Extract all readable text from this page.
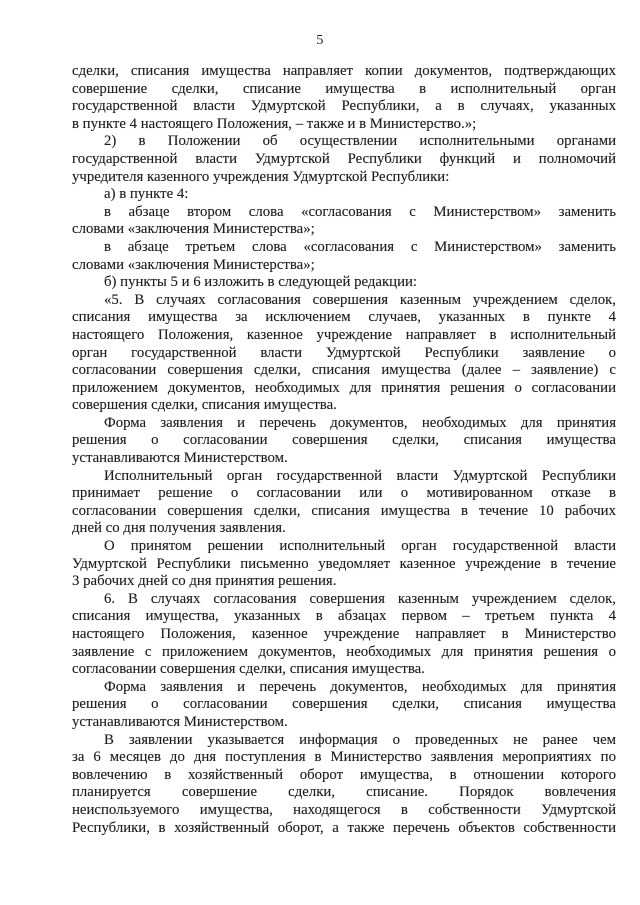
5
сделки, списания имущества направляет копии документов, подтверждающих
совершение сделки, списание имущества в исполнительный орган
государственной власти Удмуртской Республики, а в случаях, указанных
в пункте 4 настоящего Положения, – также и в Министерство.»;
2) в Положении об осуществлении исполнительными органами
государственной власти Удмуртской Республики функций и полномочий
учредителя казенного учреждения Удмуртской Республики:
а) в пункте 4:
в абзаце втором слова «согласования с Министерством» заменить
словами «заключения Министерства»;
в абзаце третьем слова «согласования с Министерством» заменить
словами «заключения Министерства»;
б) пункты 5 и 6 изложить в следующей редакции:
«5. В случаях согласования совершения казенным учреждением сделок,
списания имущества за исключением случаев, указанных в пункте 4
настоящего Положения, казенное учреждение направляет в исполнительный
орган государственной власти Удмуртской Республики заявление о
согласовании совершения сделки, списания имущества (далее – заявление) с
приложением документов, необходимых для принятия решения о согласовании
совершения сделки, списания имущества.
Форма заявления и перечень документов, необходимых для принятия
решения о согласовании совершения сделки, списания имущества
устанавливаются Министерством.
Исполнительный орган государственной власти Удмуртской Республики
принимает решение о согласовании или о мотивированном отказе в
согласовании совершения сделки, списания имущества в течение 10 рабочих
дней со дня получения заявления.
О принятом решении исполнительный орган государственной власти
Удмуртской Республики письменно уведомляет казенное учреждение в течение
3 рабочих дней со дня принятия решения.
6. В случаях согласования совершения казенным учреждением сделок,
списания имущества, указанных в абзацах первом – третьем пункта 4
настоящего Положения, казенное учреждение направляет в Министерство
заявление с приложением документов, необходимых для принятия решения о
согласовании совершения сделки, списания имущества.
Форма заявления и перечень документов, необходимых для принятия
решения о согласовании совершения сделки, списания имущества
устанавливаются Министерством.
В заявлении указывается информация о проведенных не ранее чем
за 6 месяцев до дня поступления в Министерство заявления мероприятиях по
вовлечению в хозяйственный оборот имущества, в отношении которого
планируется совершение сделки, списание. Порядок вовлечения
неиспользуемого имущества, находящегося в собственности Удмуртской
Республики, в хозяйственный оборот, а также перечень объектов собственности
